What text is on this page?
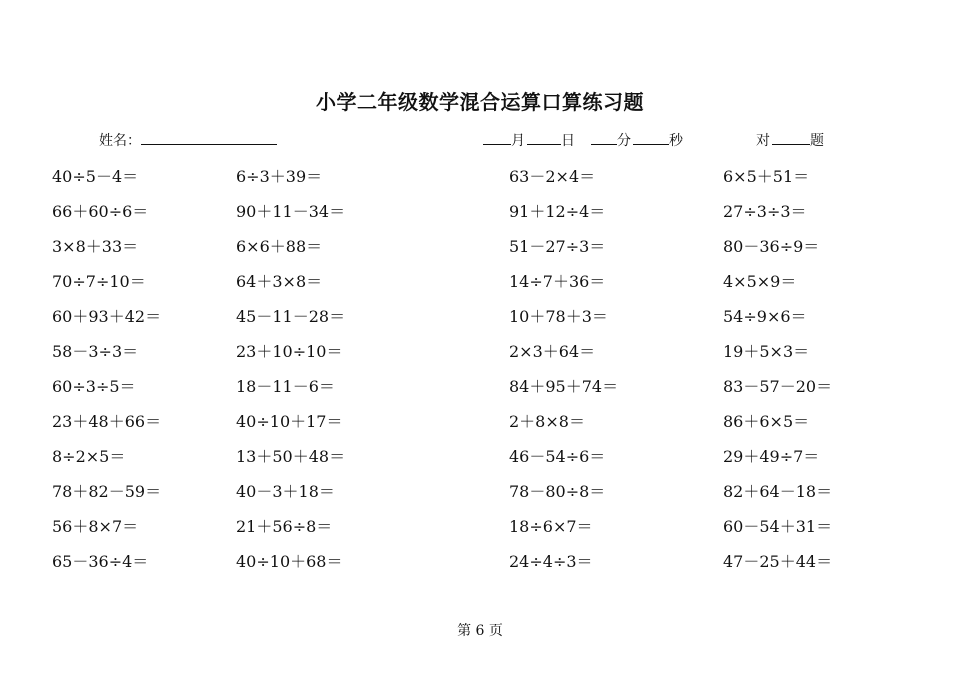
小学二年级数学混合运算口算练习题
姓名：	月	日	分	秒	对	题
40÷5－4＝	6÷3＋39＝	63－2×4＝	6×5＋51＝
66＋60÷6＝	90＋11－34＝	91＋12÷4＝	27÷3÷3＝
3×8＋33＝	6×6＋88＝	51－27÷3＝	80－36÷9＝
70÷7÷10＝	64＋3×8＝	14÷7＋36＝	4×5×9＝
60＋93＋42＝	45－11－28＝	10＋78＋3＝	54÷9×6＝
58－3÷3＝	23＋10÷10＝	2×3＋64＝	19＋5×3＝
60÷3÷5＝	18－11－6＝	84＋95＋74＝	83－57－20＝
23＋48＋66＝	40÷10＋17＝	2＋8×8＝	86＋6×5＝
8÷2×5＝	13＋50＋48＝	46－54÷6＝	29＋49÷7＝
78＋82－59＝	40－3＋18＝	78－80÷8＝	82＋64－18＝
56＋8×7＝	21＋56÷8＝	18÷6×7＝	60－54＋31＝
65－36÷4＝	40÷10＋68＝	24÷4÷3＝	47－25＋44＝
第 6 页
